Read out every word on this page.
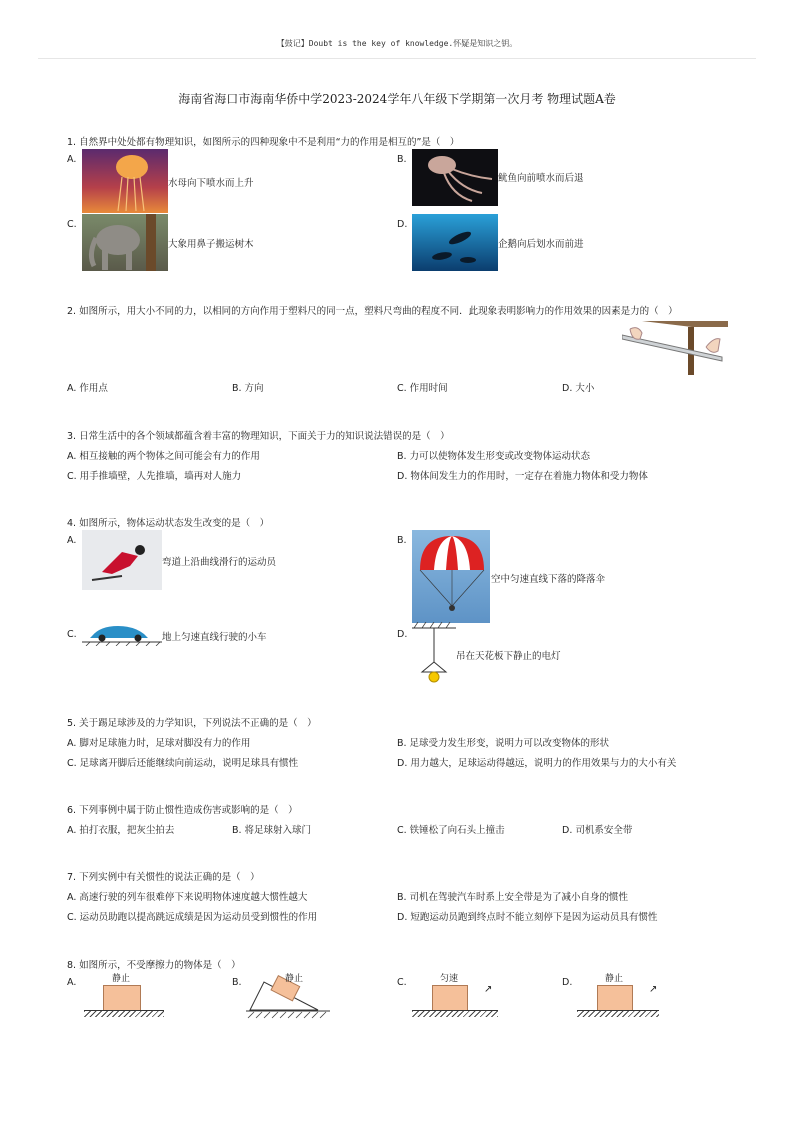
【鼓记】Doubt is the key of knowledge.怀疑是知识之钥。
海南省海口市海南华侨中学2023-2024学年八年级下学期第一次月考 物理试题A卷
1. 自然界中处处都有物理知识，如图所示的四种现象中不是利用“力的作用是相互的”是（　）
A.
水母向下喷水而上升
B.
鱿鱼向前喷水而后退
C.
大象用鼻子搬运树木
D.
企鹅向后划水而前进
2. 如图所示，用大小不同的力，以相同的方向作用于塑料尺的同一点，塑料尺弯曲的程度不同．此现象表明影响力的作用效果的因素是力的（　）
A. 作用点	B. 方向	C. 作用时间	D. 大小
3. 日常生活中的各个领域都蕴含着丰富的物理知识，下面关于力的知识说法错误的是（　）
A. 相互接触的两个物体之间可能会有力的作用	B. 力可以使物体发生形变或改变物体运动状态
C. 用手推墙壁，人先推墙，墙再对人施力	D. 物体间发生力的作用时，一定存在着施力物体和受力物体
4. 如图所示，物体运动状态发生改变的是（　）
A.
弯道上沿曲线滑行的运动员
B.
空中匀速直线下落的降落伞
C.	地上匀速直线行驶的小车	D.
吊在天花板下静止的电灯
5. 关于踢足球涉及的力学知识，下列说法不正确的是（　）
A. 脚对足球施力时，足球对脚没有力的作用	B. 足球受力发生形变，说明力可以改变物体的形状
C. 足球离开脚后还能继续向前运动，说明足球具有惯性	D. 用力越大，足球运动得越远，说明力的作用效果与力的大小有关
6. 下列事例中属于防止惯性造成伤害或影响的是（　）
A. 拍打衣服，把灰尘拍去	B. 将足球射入球门	C. 铁锤松了向石头上撞击	D. 司机系安全带
7. 下列实例中有关惯性的说法正确的是（　）
A. 高速行驶的列车很难停下来说明物体速度越大惯性越大	B. 司机在驾驶汽车时系上安全带是为了减小自身的惯性
C. 运动员助跑以提高跳远成绩是因为运动员受到惯性的作用	D. 短跑运动员跑到终点时不能立刻停下是因为运动员具有惯性
8. 如图所示，不受摩擦力的物体是（　）
A.	静止	B.	静止	C.	匀速
↗
D.	静止
↗
